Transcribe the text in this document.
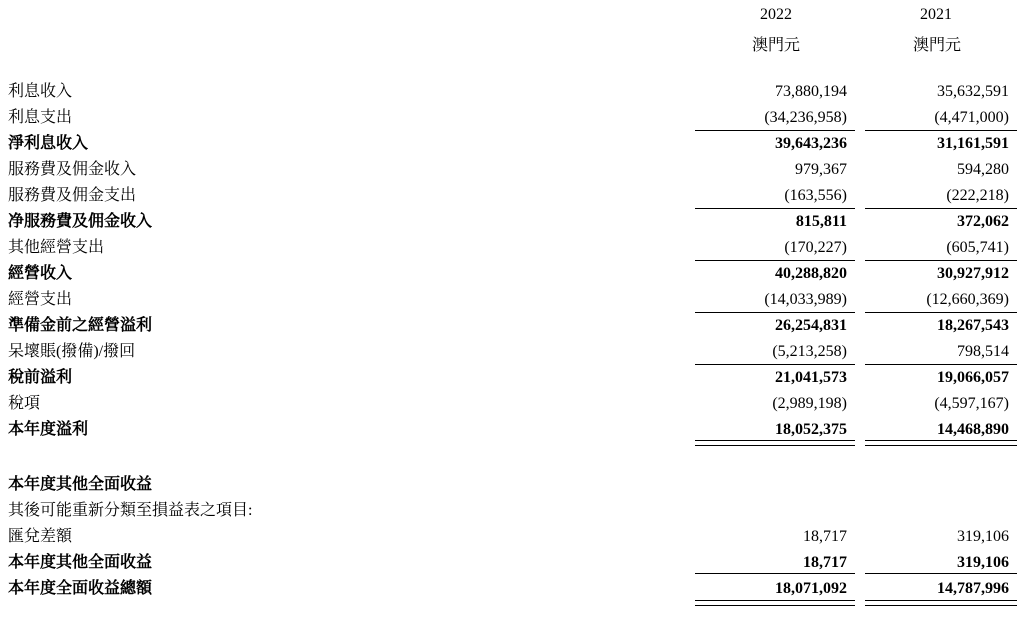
2022	2021
澳門元	澳門元
利息收入	73,880,194	35,632,591
利息支出	(34,236,958)	(4,471,000)
淨利息收入	39,643,236	31,161,591
服務費及佣金收入	979,367	594,280
服務費及佣金支出	(163,556)	(222,218)
净服務費及佣金收入	815,811	372,062
其他經營支出	(170,227)	(605,741)
經營收入	40,288,820	30,927,912
經營支出	(14,033,989)	(12,660,369)
準備金前之經營溢利	26,254,831	18,267,543
呆壞賬(撥備)/撥回	(5,213,258)	798,514
稅前溢利	21,041,573	19,066,057
稅項	(2,989,198)	(4,597,167)
本年度溢利	18,052,375	14,468,890
本年度其他全面收益
其後可能重新分類至損益表之項目:
匯兌差額	18,717	319,106
本年度其他全面收益	18,717	319,106
本年度全面收益總額	18,071,092	14,787,996
